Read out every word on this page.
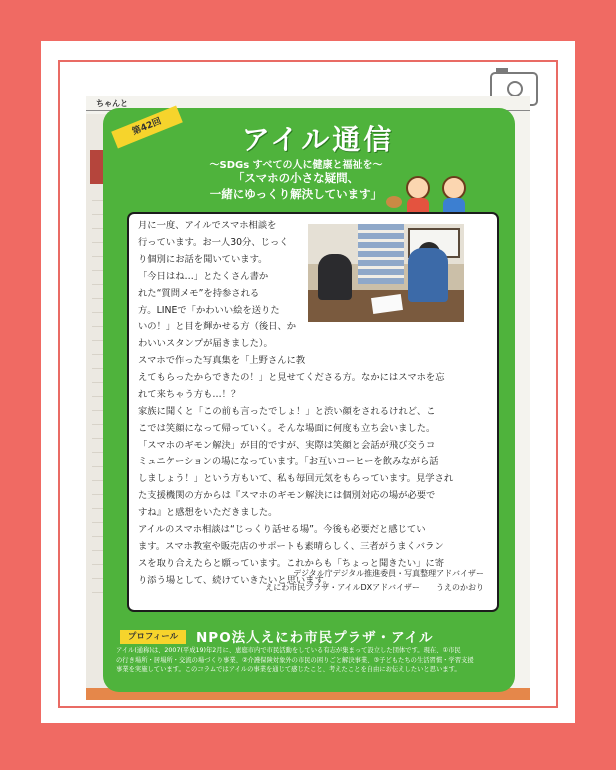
ちゃんと
第42回	アイル通信
～SDGs すべての人に健康と福祉を～
「スマホの小さな疑問、
一緒にゆっくり解決しています」
月に一度、アイルでスマホ相談を
行っています。お一人30分、じっく
り個別にお話を聞いています。
「今日はね…」とたくさん書か
れた“質問メモ”を持参される
方。LINEで「かわいい絵を送りた
いの！」と目を輝かせる方（後日、か
わいいスタンプが届きました）。
スマホで作った写真集を「上野さんに教
えてもらったからできたの！」と見せてくださる方。なかにはスマホを忘
れて来ちゃう方も…！？
家族に聞くと「この前も言ったでしょ！」と渋い顔をされるけれど、こ
こでは笑顔になって帰っていく。そんな場面に何度も立ち会いました。
「スマホのギモン解決」が目的ですが、実際は笑顔と会話が飛び交うコ
ミュニケーションの場になっています。「お互いコーヒーを飲みながら話
しましょう！」という方もいて、私も毎回元気をもらっています。見学され
た支援機関の方からは『スマホのギモン解決には個別対応の場が必要で
すね』と感想をいただきました。
アイルのスマホ相談は“じっくり話せる場”。今後も必要だと感じてい
ます。スマホ教室や販売店のサポートも素晴らしく、三者がうまくバラン
スを取り合えたらと願っています。これからも「ちょっと聞きたい」に寄
り添う場として、続けていきたいと思います。
デジタル庁デジタル推進委員・写真整理アドバイザー
えにわ市民プラザ・アイルDXアドバイザー　　うえのかおり
プロフィール	NPO法人えにわ市民プラザ・アイル
アイル(通称)は、2007(平成19)年2月に、恵庭市内で市民活動をしている有志が集まって設立した団体です。現在、①市民
の行き場所・居場所・交流の場づくり事業、②介護保険対象外の市民の困りごと解決事業、③子どもたちの生活習慣・学習支援
事業を実施しています。このコラムではアイルの事業を通じて感じたこと、考えたことを自由にお伝えしたいと思います。
